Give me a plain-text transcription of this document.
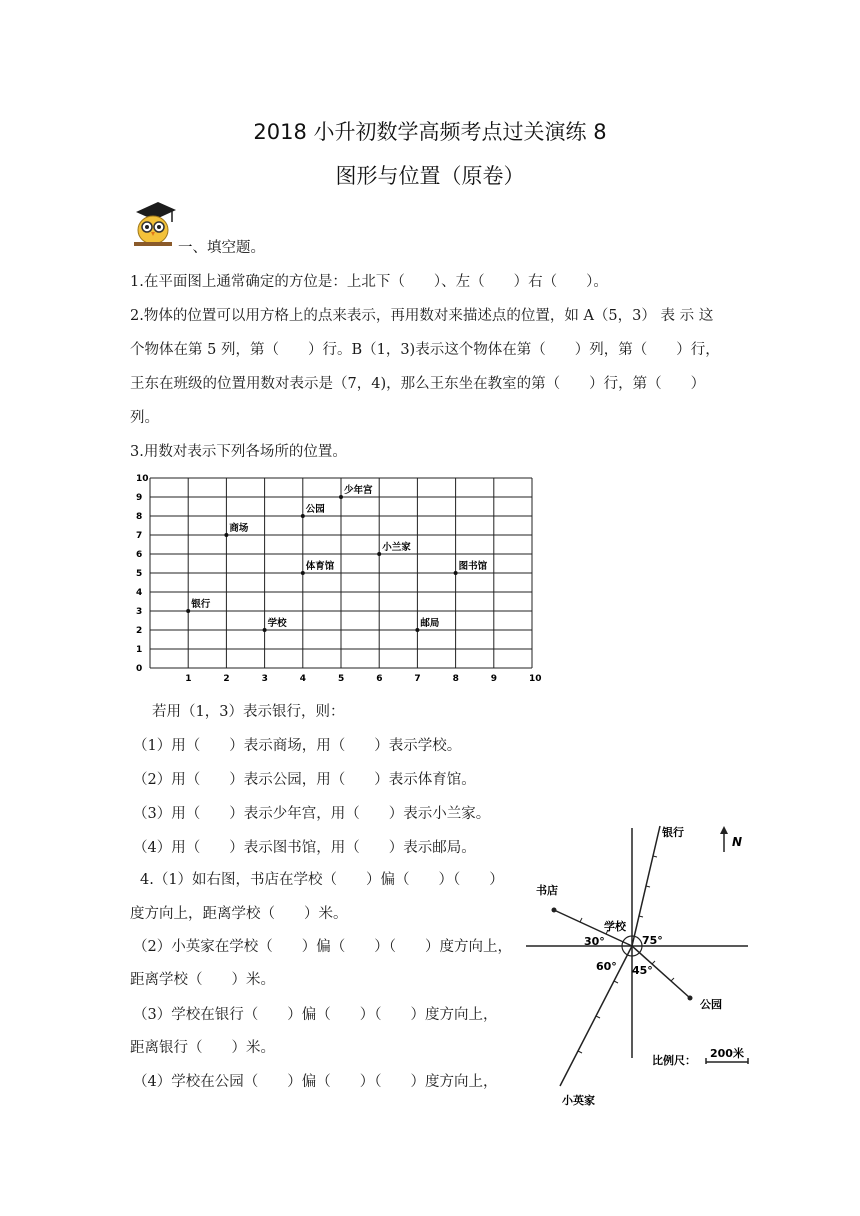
2018 小升初数学高频考点过关演练 8
图形与位置（原卷）
一、填空题。
1.在平面图上通常确定的方位是：上北下（　　）、左（　　）右（　　）。
2.物体的位置可以用方格上的点来表示，再用数对来描述点的位置，如 A（5，3） 表 示 这
个物体在第 5 列，第（　　）行。B（1，3)表示这个物体在第（　　）列，第（　　）行，
王东在班级的位置用数对表示是（7，4)，那么王东坐在教室的第（　　）行，第（　　）
列。
3.用数对表示下列各场所的位置。
1	2	3	4	5	6	7	8	9	10
0
1
2
3
4
5
6
7
8
9
10
银行
商场
学校
公园
体育馆
少年宫
小兰家
邮局
图书馆
若用（1，3）表示银行，则：
（1）用（　　）表示商场，用（　　）表示学校。
（2）用（　　）表示公园，用（　　）表示体育馆。
（3）用（　　）表示少年宫，用（　　）表示小兰家。
（4）用（　　）表示图书馆，用（　　）表示邮局。
4.（1）如右图，书店在学校（　　）偏（　　）（　　）
度方向上，距离学校（　　）米。
（2）小英家在学校（　　）偏（　　）（　　）度方向上，
距离学校（　　）米。
（3）学校在银行（　　）偏（　　）（　　）度方向上，
距离银行（　　）米。
（4）学校在公园（　　）偏（　　）（　　）度方向上，
N
银行
书店
学校
公园
小英家
30°	75°
60° 45°
比例尺：
200米
